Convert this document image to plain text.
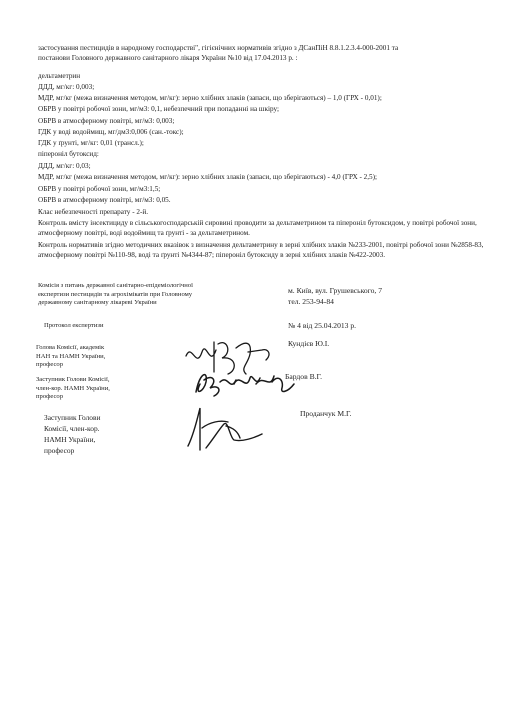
застосування пестицидів в народному господарстві", гігієнічних нормативів згідно з ДСанПіН 8.8.1.2.3.4-000-2001 та
постанови Головного державного санітарного лікаря України №10 від 17.04.2013 р. :
дельтаметрин
ДДД, мг/кг: 0,003;
МДР, мг/кг (межа визначення методом, мг/кг): зерно хлібних злаків (запаси, що зберігаються) – 1,0 (ГРХ - 0,01);
ОБРВ у повітрі робочої зони, мг/м3: 0,1, небезпечний при попаданні на шкіру;
ОБРВ в атмосферному повітрі, мг/м3: 0,003;
ГДК у воді водоймищ, мг/дм3:0,006 (сан.-токс);
ГДК у ґрунті, мг/кг: 0,01 (трансл.);
піпероніл бутоксид:
ДДД, мг/кг: 0,03;
МДР, мг/кг (межа визначення методом, мг/кг): зерно хлібних злаків (запаси, що зберігаються) - 4,0 (ГРХ - 2,5);
ОБРВ у повітрі робочої зони, мг/м3:1,5;
ОБРВ в атмосферному повітрі, мг/м3: 0,05.
Клас небезпечності препарату - 2-й.
Контроль вмісту інсектициду в сільськогосподарській сировині проводити за дельтаметрином та піпероніл бутоксидом, у повітрі робочої зони, атмосферному повітрі, воді водоймищ та ґрунті - за дельтаметрином.
Контроль нормативів згідно методичних вказівок з визначення дельтаметрину в зерні хлібних злаків №233-2001, повітрі робочої зони №2858-83, атмосферному повітрі №110-98, воді та ґрунті №4344-87; піпероніл бутоксиду в зерні хлібних злаків №422-2003.
Комісія з питань державної санітарно-епідеміологічної
експертизи пестицидів та агрохімікатів при Головному
державному санітарному лікареві України
м. Київ, вул. Грушевського, 7
тел. 253-94-84
Протокол експертизи	№ 4 від 25.04.2013 р.
Голова Комісії, академік
НАН та НАМН України,
професор
Кундієв Ю.І.
Заступник Голови Комісії,
член-кор. НАМН України,
професор
Бардов В.Г.
Заступник Голови
Комісії, член-кор.
НАМН України,
професор
Проданчук М.Г.
